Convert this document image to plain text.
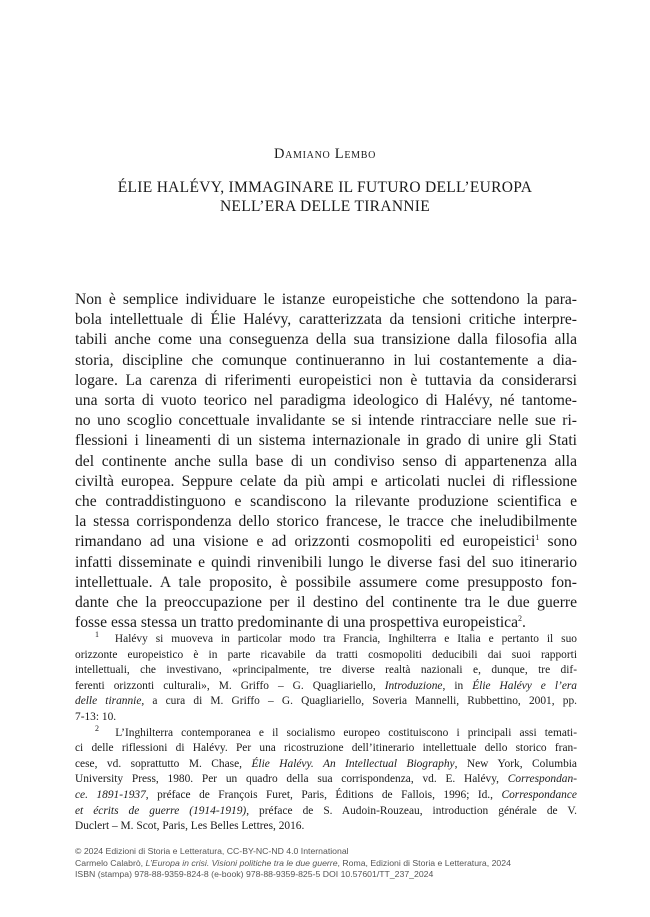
Damiano Lembo
ÉLIE HALÉVY, IMMAGINARE IL FUTURO DELL’EUROPA
NELL’ERA DELLE TIRANNIE
Non è semplice individuare le istanze europeistiche che sottendono la para-
bola intellettuale di Élie Halévy, caratterizzata da tensioni critiche interpre-
tabili anche come una conseguenza della sua transizione dalla filosofia alla
storia, discipline che comunque continueranno in lui costantemente a dia-
logare. La carenza di riferimenti europeistici non è tuttavia da considerarsi
una sorta di vuoto teorico nel paradigma ideologico di Halévy, né tantome-
no uno scoglio concettuale invalidante se si intende rintracciare nelle sue ri-
flessioni i lineamenti di un sistema internazionale in grado di unire gli Stati
del continente anche sulla base di un condiviso senso di appartenenza alla
civiltà europea. Seppure celate da più ampi e articolati nuclei di riflessione
che contraddistinguono e scandiscono la rilevante produzione scientifica e
la stessa corrispondenza dello storico francese, le tracce che ineludibilmente
rimandano ad una visione e ad orizzonti cosmopoliti ed europeistici$^1$ sono
infatti disseminate e quindi rinvenibili lungo le diverse fasi del suo itinerario
intellettuale. A tale proposito, è possibile assumere come presupposto fon-
dante che la preoccupazione per il destino del continente tra le due guerre
fosse essa stessa un tratto predominante di una prospettiva europeistica$^2$.
$^1$ Halévy si muoveva in particolar modo tra Francia, Inghilterra e Italia e pertanto il suo
orizzonte europeistico è in parte ricavabile da tratti cosmopoliti deducibili dai suoi rapporti
intellettuali, che investivano, «principalmente, tre diverse realtà nazionali e, dunque, tre dif-
ferenti orizzonti culturali», M. Griffo – G. Quagliariello, Introduzione, in Élie Halévy e l’era
delle tirannie, a cura di M. Griffo – G. Quagliariello, Soveria Mannelli, Rubbettino, 2001, pp.
7-13: 10.
$^2$ L’Inghilterra contemporanea e il socialismo europeo costituiscono i principali assi temati-
ci delle riflessioni di Halévy. Per una ricostruzione dell’itinerario intellettuale dello storico fran-
cese, vd. soprattutto M. Chase, Élie Halévy. An Intellectual Biography, New York, Columbia
University Press, 1980. Per un quadro della sua corrispondenza, vd. E. Halévy, Correspondan-
ce. 1891-1937, préface de François Furet, Paris, Éditions de Fallois, 1996; Id., Correspondance
et écrits de guerre (1914-1919), préface de S. Audoin-Rouzeau, introduction générale de V.
Duclert – M. Scot, Paris, Les Belles Lettres, 2016.
© 2024 Edizioni di Storia e Letteratura, CC-BY-NC-ND 4.0 International
Carmelo Calabrò, L’Europa in crisi. Visioni politiche tra le due guerre, Roma, Edizioni di Storia e Letteratura, 2024
ISBN (stampa) 978-88-9359-824-8 (e-book) 978-88-9359-825-5 DOI 10.57601/TT_237_2024
